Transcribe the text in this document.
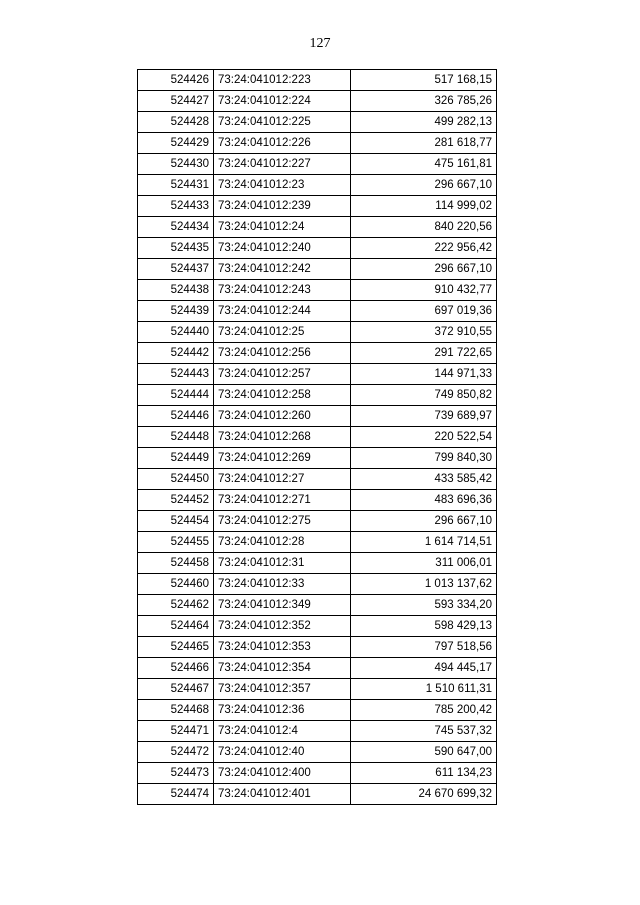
127
524426	73:24:041012:223	517 168,15
524427	73:24:041012:224	326 785,26
524428	73:24:041012:225	499 282,13
524429	73:24:041012:226	281 618,77
524430	73:24:041012:227	475 161,81
524431	73:24:041012:23	296 667,10
524433	73:24:041012:239	114 999,02
524434	73:24:041012:24	840 220,56
524435	73:24:041012:240	222 956,42
524437	73:24:041012:242	296 667,10
524438	73:24:041012:243	910 432,77
524439	73:24:041012:244	697 019,36
524440	73:24:041012:25	372 910,55
524442	73:24:041012:256	291 722,65
524443	73:24:041012:257	144 971,33
524444	73:24:041012:258	749 850,82
524446	73:24:041012:260	739 689,97
524448	73:24:041012:268	220 522,54
524449	73:24:041012:269	799 840,30
524450	73:24:041012:27	433 585,42
524452	73:24:041012:271	483 696,36
524454	73:24:041012:275	296 667,10
524455	73:24:041012:28	1 614 714,51
524458	73:24:041012:31	311 006,01
524460	73:24:041012:33	1 013 137,62
524462	73:24:041012:349	593 334,20
524464	73:24:041012:352	598 429,13
524465	73:24:041012:353	797 518,56
524466	73:24:041012:354	494 445,17
524467	73:24:041012:357	1 510 611,31
524468	73:24:041012:36	785 200,42
524471	73:24:041012:4	745 537,32
524472	73:24:041012:40	590 647,00
524473	73:24:041012:400	611 134,23
524474	73:24:041012:401	24 670 699,32
